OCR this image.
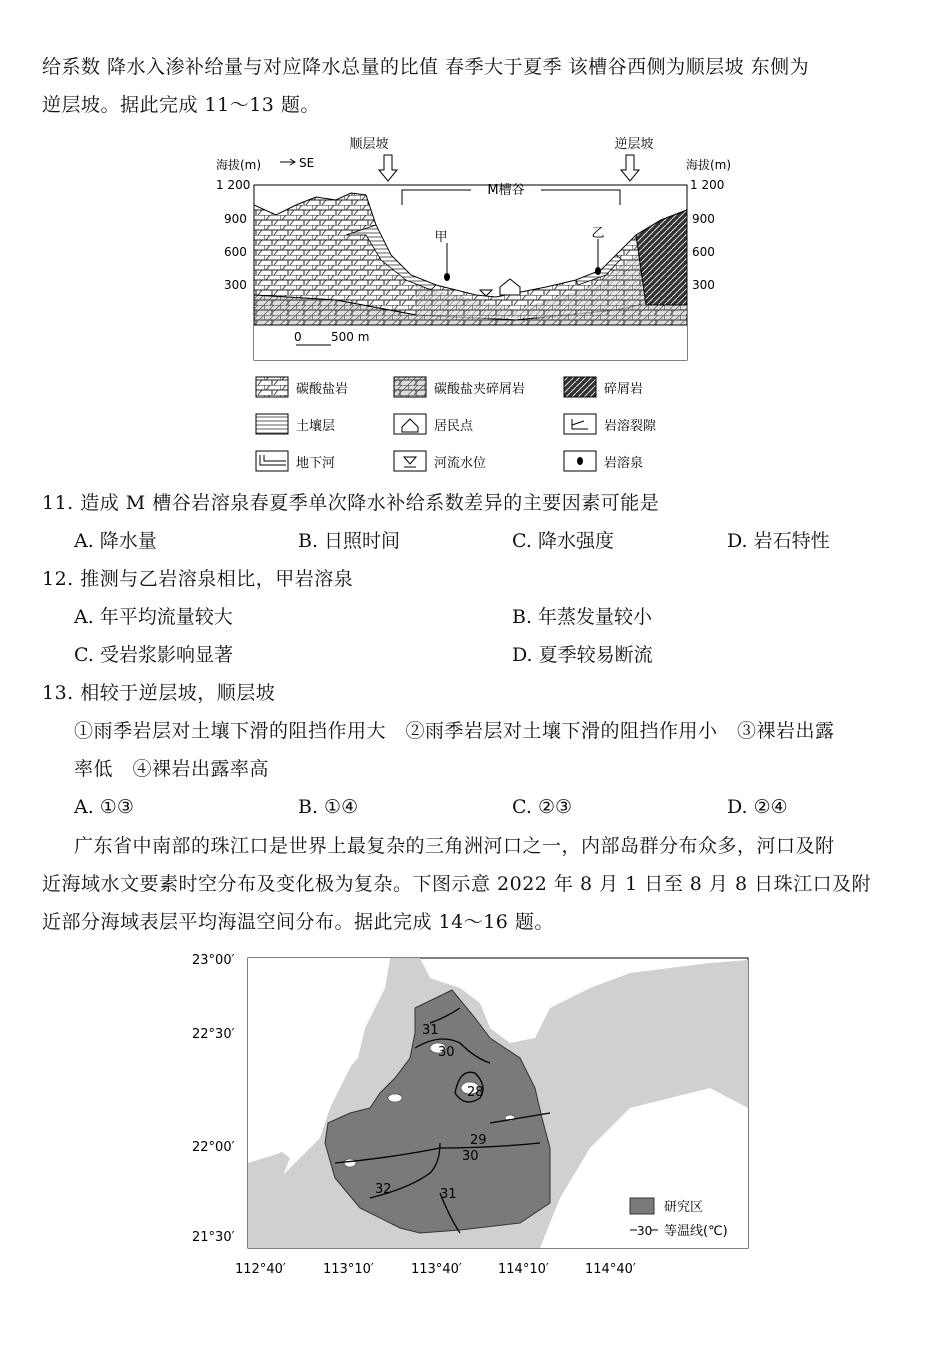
给系数 降水入渗补给量与对应降水总量的比值 春季大于夏季 该槽谷西侧为顺层坡 东侧为
逆层坡。据此完成 11～13 题。
顺层坡	逆层坡
M槽谷
海拔(m)	SE	海拔(m)
1 200
900
600
300
1 200
900
600
300
甲	乙
0 500 m
碳酸盐岩	碳酸盐夹碎屑岩	碎屑岩
土壤层	居民点	岩溶裂隙
地下河	河流水位	岩溶泉
11. 造成 M 槽谷岩溶泉春夏季单次降水补给系数差异的主要因素可能是
A. 降水量	B. 日照时间	C. 降水强度	D. 岩石特性
12. 推测与乙岩溶泉相比，甲岩溶泉
A. 年平均流量较大	B. 年蒸发量较小
C. 受岩浆影响显著	D. 夏季较易断流
13. 相较于逆层坡，顺层坡
①雨季岩层对土壤下滑的阻挡作用大　②雨季岩层对土壤下滑的阻挡作用小　③裸岩出露
率低　④裸岩出露率高
A. ①③	B. ①④	C. ②③	D. ②④
广东省中南部的珠江口是世界上最复杂的三角洲河口之一，内部岛群分布众多，河口及附
近海域水文要素时空分布及变化极为复杂。下图示意 2022 年 8 月 1 日至 8 月 8 日珠江口及附
近部分海域表层平均海温空间分布。据此完成 14～16 题。
31
30
28
29
30
32	31
23°00′
22°30′
22°00′
21°30′
112°40′	113°10′	113°40′	114°10′	114°40′
研究区
30 等温线(℃)
